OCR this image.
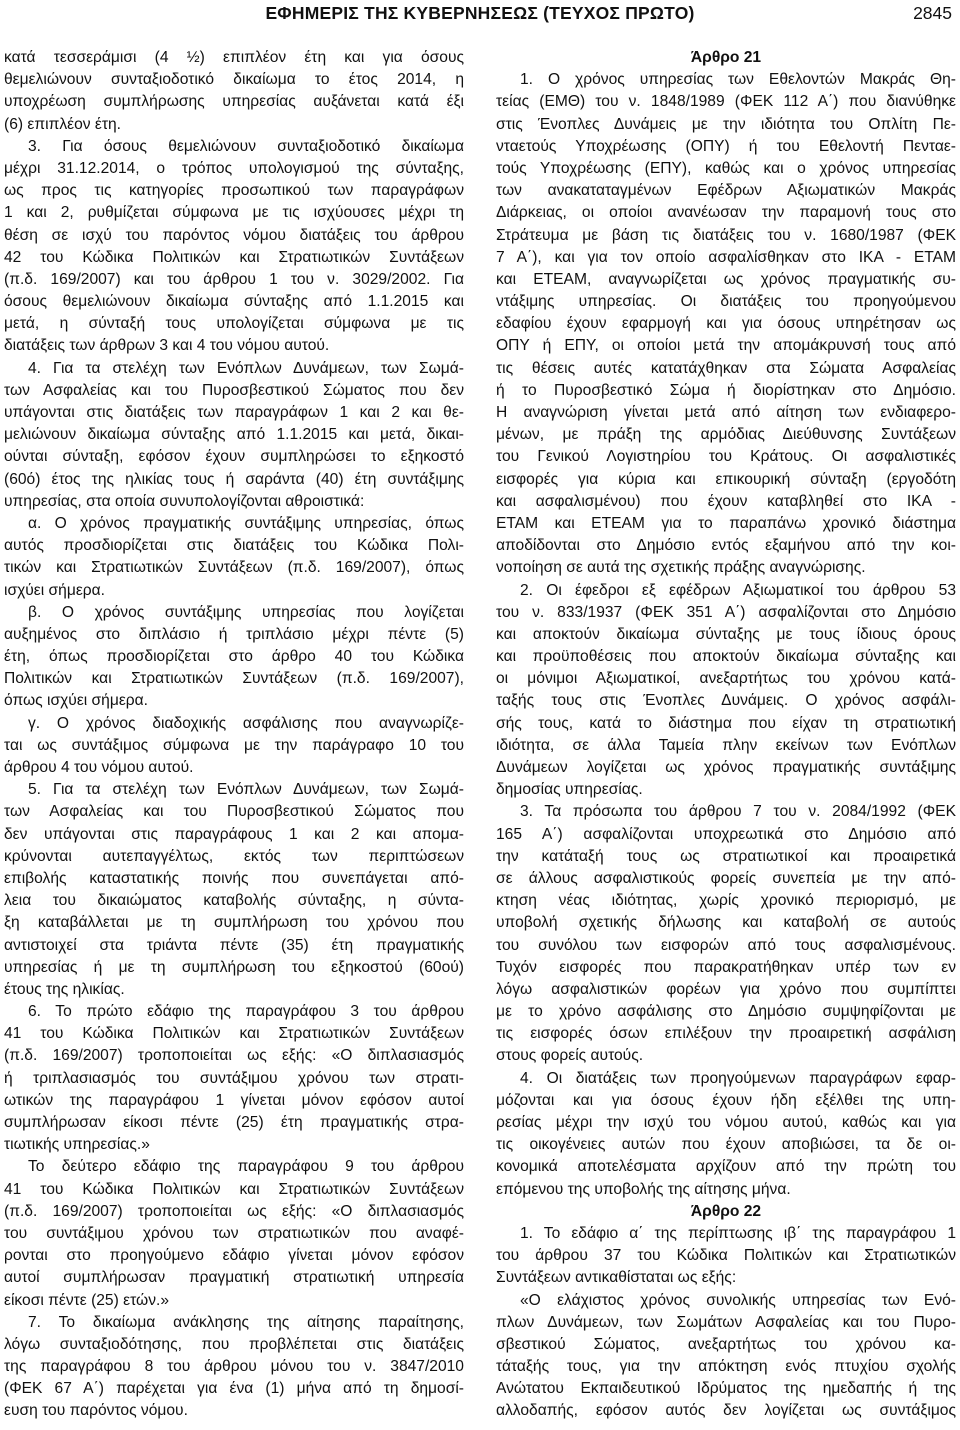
ΕΦΗΜΕΡΙΣ ΤΗΣ ΚΥΒΕΡΝΗΣΕΩΣ (ΤΕΥΧΟΣ ΠΡΩΤΟ)	2845
κατά τεσσεράμισι (4 ½) επιπλέον έτη και για όσους
θεμελιώνουν συνταξιοδοτικό δικαίωμα το έτος 2014, η
υποχρέωση συμπλήρωσης υπηρεσίας αυξάνεται κατά έξι
(6) επιπλέον έτη.
3. Για όσους θεμελιώνουν συνταξιοδοτικό δικαίωμα
μέχρι 31.12.2014, ο τρόπος υπολογισμού της σύνταξης,
ως προς τις κατηγορίες προσωπικού των παραγράφων
1 και 2, ρυθμίζεται σύμφωνα με τις ισχύουσες μέχρι τη
θέση σε ισχύ του παρόντος νόμου διατάξεις του άρθρου
42 του Κώδικα Πολιτικών και Στρατιωτικών Συντάξεων
(π.δ. 169/2007) και του άρθρου 1 του ν. 3029/2002. Για
όσους θεμελιώνουν δικαίωμα σύνταξης από 1.1.2015 και
μετά, η σύνταξή τους υπολογίζεται σύμφωνα με τις
διατάξεις των άρθρων 3 και 4 του νόμου αυτού.
4. Για τα στελέχη των Ενόπλων Δυνάμεων, των Σωμά-
των Ασφαλείας και του Πυροσβεστικού Σώματος που δεν
υπάγονται στις διατάξεις των παραγράφων 1 και 2 και θε-
μελιώνουν δικαίωμα σύνταξης από 1.1.2015 και μετά, δικαι-
ούνται σύνταξη, εφόσον έχουν συμπληρώσει το εξηκοστό
(60ό) έτος της ηλικίας τους ή σαράντα (40) έτη συντάξιμης
υπηρεσίας, στα οποία συνυπολογίζονται αθροιστικά:
α. Ο χρόνος πραγματικής συντάξιμης υπηρεσίας, όπως
αυτός προσδιορίζεται στις διατάξεις του Κώδικα Πολι-
τικών και Στρατιωτικών Συντάξεων (π.δ. 169/2007), όπως
ισχύει σήμερα.
β. Ο χρόνος συντάξιμης υπηρεσίας που λογίζεται
αυξημένος στο διπλάσιο ή τριπλάσιο μέχρι πέντε (5)
έτη, όπως προσδιορίζεται στο άρθρο 40 του Κώδικα
Πολιτικών και Στρατιωτικών Συντάξεων (π.δ. 169/2007),
όπως ισχύει σήμερα.
γ. Ο χρόνος διαδοχικής ασφάλισης που αναγνωρίζε-
ται ως συντάξιμος σύμφωνα με την παράγραφο 10 του
άρθρου 4 του νόμου αυτού.
5. Για τα στελέχη των Ενόπλων Δυνάμεων, των Σωμά-
των Ασφαλείας και του Πυροσβεστικού Σώματος που
δεν υπάγονται στις παραγράφους 1 και 2 και απομα-
κρύνονται αυτεπαγγέλτως, εκτός των περιπτώσεων
επιβολής καταστατικής ποινής που συνεπάγεται από-
λεια του δικαιώματος καταβολής σύνταξης, η σύντα-
ξη καταβάλλεται με τη συμπλήρωση του χρόνου που
αντιστοιχεί στα τριάντα πέντε (35) έτη πραγματικής
υπηρεσίας ή με τη συμπλήρωση του εξηκοστού (60ού)
έτους της ηλικίας.
6. Το πρώτο εδάφιο της παραγράφου 3 του άρθρου
41 του Κώδικα Πολιτικών και Στρατιωτικών Συντάξεων
(π.δ. 169/2007) τροποποιείται ως εξής: «Ο διπλασιασμός
ή τριπλασιασμός του συντάξιμου χρόνου των στρατι-
ωτικών της παραγράφου 1 γίνεται μόνον εφόσον αυτοί
συμπλήρωσαν είκοσι πέντε (25) έτη πραγματικής στρα-
τιωτικής υπηρεσίας.»
Το δεύτερο εδάφιο της παραγράφου 9 του άρθρου
41 του Κώδικα Πολιτικών και Στρατιωτικών Συντάξεων
(π.δ. 169/2007) τροποποιείται ως εξής: «Ο διπλασιασμός
του συντάξιμου χρόνου των στρατιωτικών που αναφέ-
ρονται στο προηγούμενο εδάφιο γίνεται μόνον εφόσον
αυτοί συμπλήρωσαν πραγματική στρατιωτική υπηρεσία
είκοσι πέντε (25) ετών.»
7. Το δικαίωμα ανάκλησης της αίτησης παραίτησης,
λόγω συνταξιοδότησης, που προβλέπεται στις διατάξεις
της παραγράφου 8 του άρθρου μόνου του ν. 3847/2010
(ΦΕΚ 67 Α΄) παρέχεται για ένα (1) μήνα από τη δημοσί-
ευση του παρόντος νόμου.
Άρθρο 21
1. Ο χρόνος υπηρεσίας των Εθελοντών Μακράς Θη-
τείας (ΕΜΘ) του ν. 1848/1989 (ΦΕΚ 112 Α΄) που διανύθηκε
στις Ένοπλες Δυνάμεις με την ιδιότητα του Οπλίτη Πε-
νταετούς Υποχρέωσης (ΟΠΥ) ή του Εθελοντή Πενταε-
τούς Υποχρέωσης (ΕΠΥ), καθώς και ο χρόνος υπηρεσίας
των ανακαταταγμένων Εφέδρων Αξιωματικών Μακράς
Διάρκειας, οι οποίοι ανανέωσαν την παραμονή τους στο
Στράτευμα με βάση τις διατάξεις του ν. 1680/1987 (ΦΕΚ
7 Α΄), και για τον οποίο ασφαλίσθηκαν στο ΙΚΑ - ΕΤΑΜ
και ΕΤΕΑΜ, αναγνωρίζεται ως χρόνος πραγματικής συ-
ντάξιμης υπηρεσίας. Οι διατάξεις του προηγούμενου
εδαφίου έχουν εφαρμογή και για όσους υπηρέτησαν ως
ΟΠΥ ή ΕΠΥ, οι οποίοι μετά την απομάκρυνσή τους από
τις θέσεις αυτές κατατάχθηκαν στα Σώματα Ασφαλείας
ή το Πυροσβεστικό Σώμα ή διορίστηκαν στο Δημόσιο.
Η αναγνώριση γίνεται μετά από αίτηση των ενδιαφερο-
μένων, με πράξη της αρμόδιας Διεύθυνσης Συντάξεων
του Γενικού Λογιστηρίου του Κράτους. Οι ασφαλιστικές
εισφορές για κύρια και επικουρική σύνταξη (εργοδότη
και ασφαλισμένου) που έχουν καταβληθεί στο ΙΚΑ -
ΕΤΑΜ και ΕΤΕΑΜ για το παραπάνω χρονικό διάστημα
αποδίδονται στο Δημόσιο εντός εξαμήνου από την κοι-
νοποίηση σε αυτά της σχετικής πράξης αναγνώρισης.
2. Οι έφεδροι εξ εφέδρων Αξιωματικοί του άρθρου 53
του ν. 833/1937 (ΦΕΚ 351 Α΄) ασφαλίζονται στο Δημόσιο
και αποκτούν δικαίωμα σύνταξης με τους ίδιους όρους
και προϋποθέσεις που αποκτούν δικαίωμα σύνταξης και
οι μόνιμοι Αξιωματικοί, ανεξαρτήτως του χρόνου κατά-
ταξής τους στις Ένοπλες Δυνάμεις. Ο χρόνος ασφάλι-
σής τους, κατά το διάστημα που είχαν τη στρατιωτική
ιδιότητα, σε άλλα Ταμεία πλην εκείνων των Ενόπλων
Δυνάμεων λογίζεται ως χρόνος πραγματικής συντάξιμης
δημοσίας υπηρεσίας.
3. Τα πρόσωπα του άρθρου 7 του ν. 2084/1992 (ΦΕΚ
165 Α΄) ασφαλίζονται υποχρεωτικά στο Δημόσιο από
την κατάταξή τους ως στρατιωτικοί και προαιρετικά
σε άλλους ασφαλιστικούς φορείς συνεπεία με την από-
κτηση νέας ιδιότητας, χωρίς χρονικό περιορισμό, με
υποβολή σχετικής δήλωσης και καταβολή σε αυτούς
του συνόλου των εισφορών από τους ασφαλισμένους.
Τυχόν εισφορές που παρακρατήθηκαν υπέρ των εν
λόγω ασφαλιστικών φορέων για χρόνο που συμπίπτει
με το χρόνο ασφάλισης στο Δημόσιο συμψηφίζονται με
τις εισφορές όσων επιλέξουν την προαιρετική ασφάλιση
στους φορείς αυτούς.
4. Οι διατάξεις των προηγούμενων παραγράφων εφαρ-
μόζονται και για όσους έχουν ήδη εξέλθει της υπη-
ρεσίας μέχρι την ισχύ του νόμου αυτού, καθώς και για
τις οικογένειες αυτών που έχουν αποβιώσει, τα δε οι-
κονομικά αποτελέσματα αρχίζουν από την πρώτη του
επόμενου της υποβολής της αίτησης μήνα.
Άρθρο 22
1. Το εδάφιο α΄ της περίπτωσης ιβ΄ της παραγράφου 1
του άρθρου 37 του Κώδικα Πολιτικών και Στρατιωτικών
Συντάξεων αντικαθίσταται ως εξής:
«Ο ελάχιστος χρόνος συνολικής υπηρεσίας των Ενό-
πλων Δυνάμεων, των Σωμάτων Ασφαλείας και του Πυρο-
σβεστικού Σώματος, ανεξαρτήτως του χρόνου κα-
τάταξής τους, για την απόκτηση ενός πτυχίου σχολής
Ανώτατου Εκπαιδευτικού Ιδρύματος της ημεδαπής ή της
αλλοδαπής, εφόσον αυτός δεν λογίζεται ως συντάξιμος
